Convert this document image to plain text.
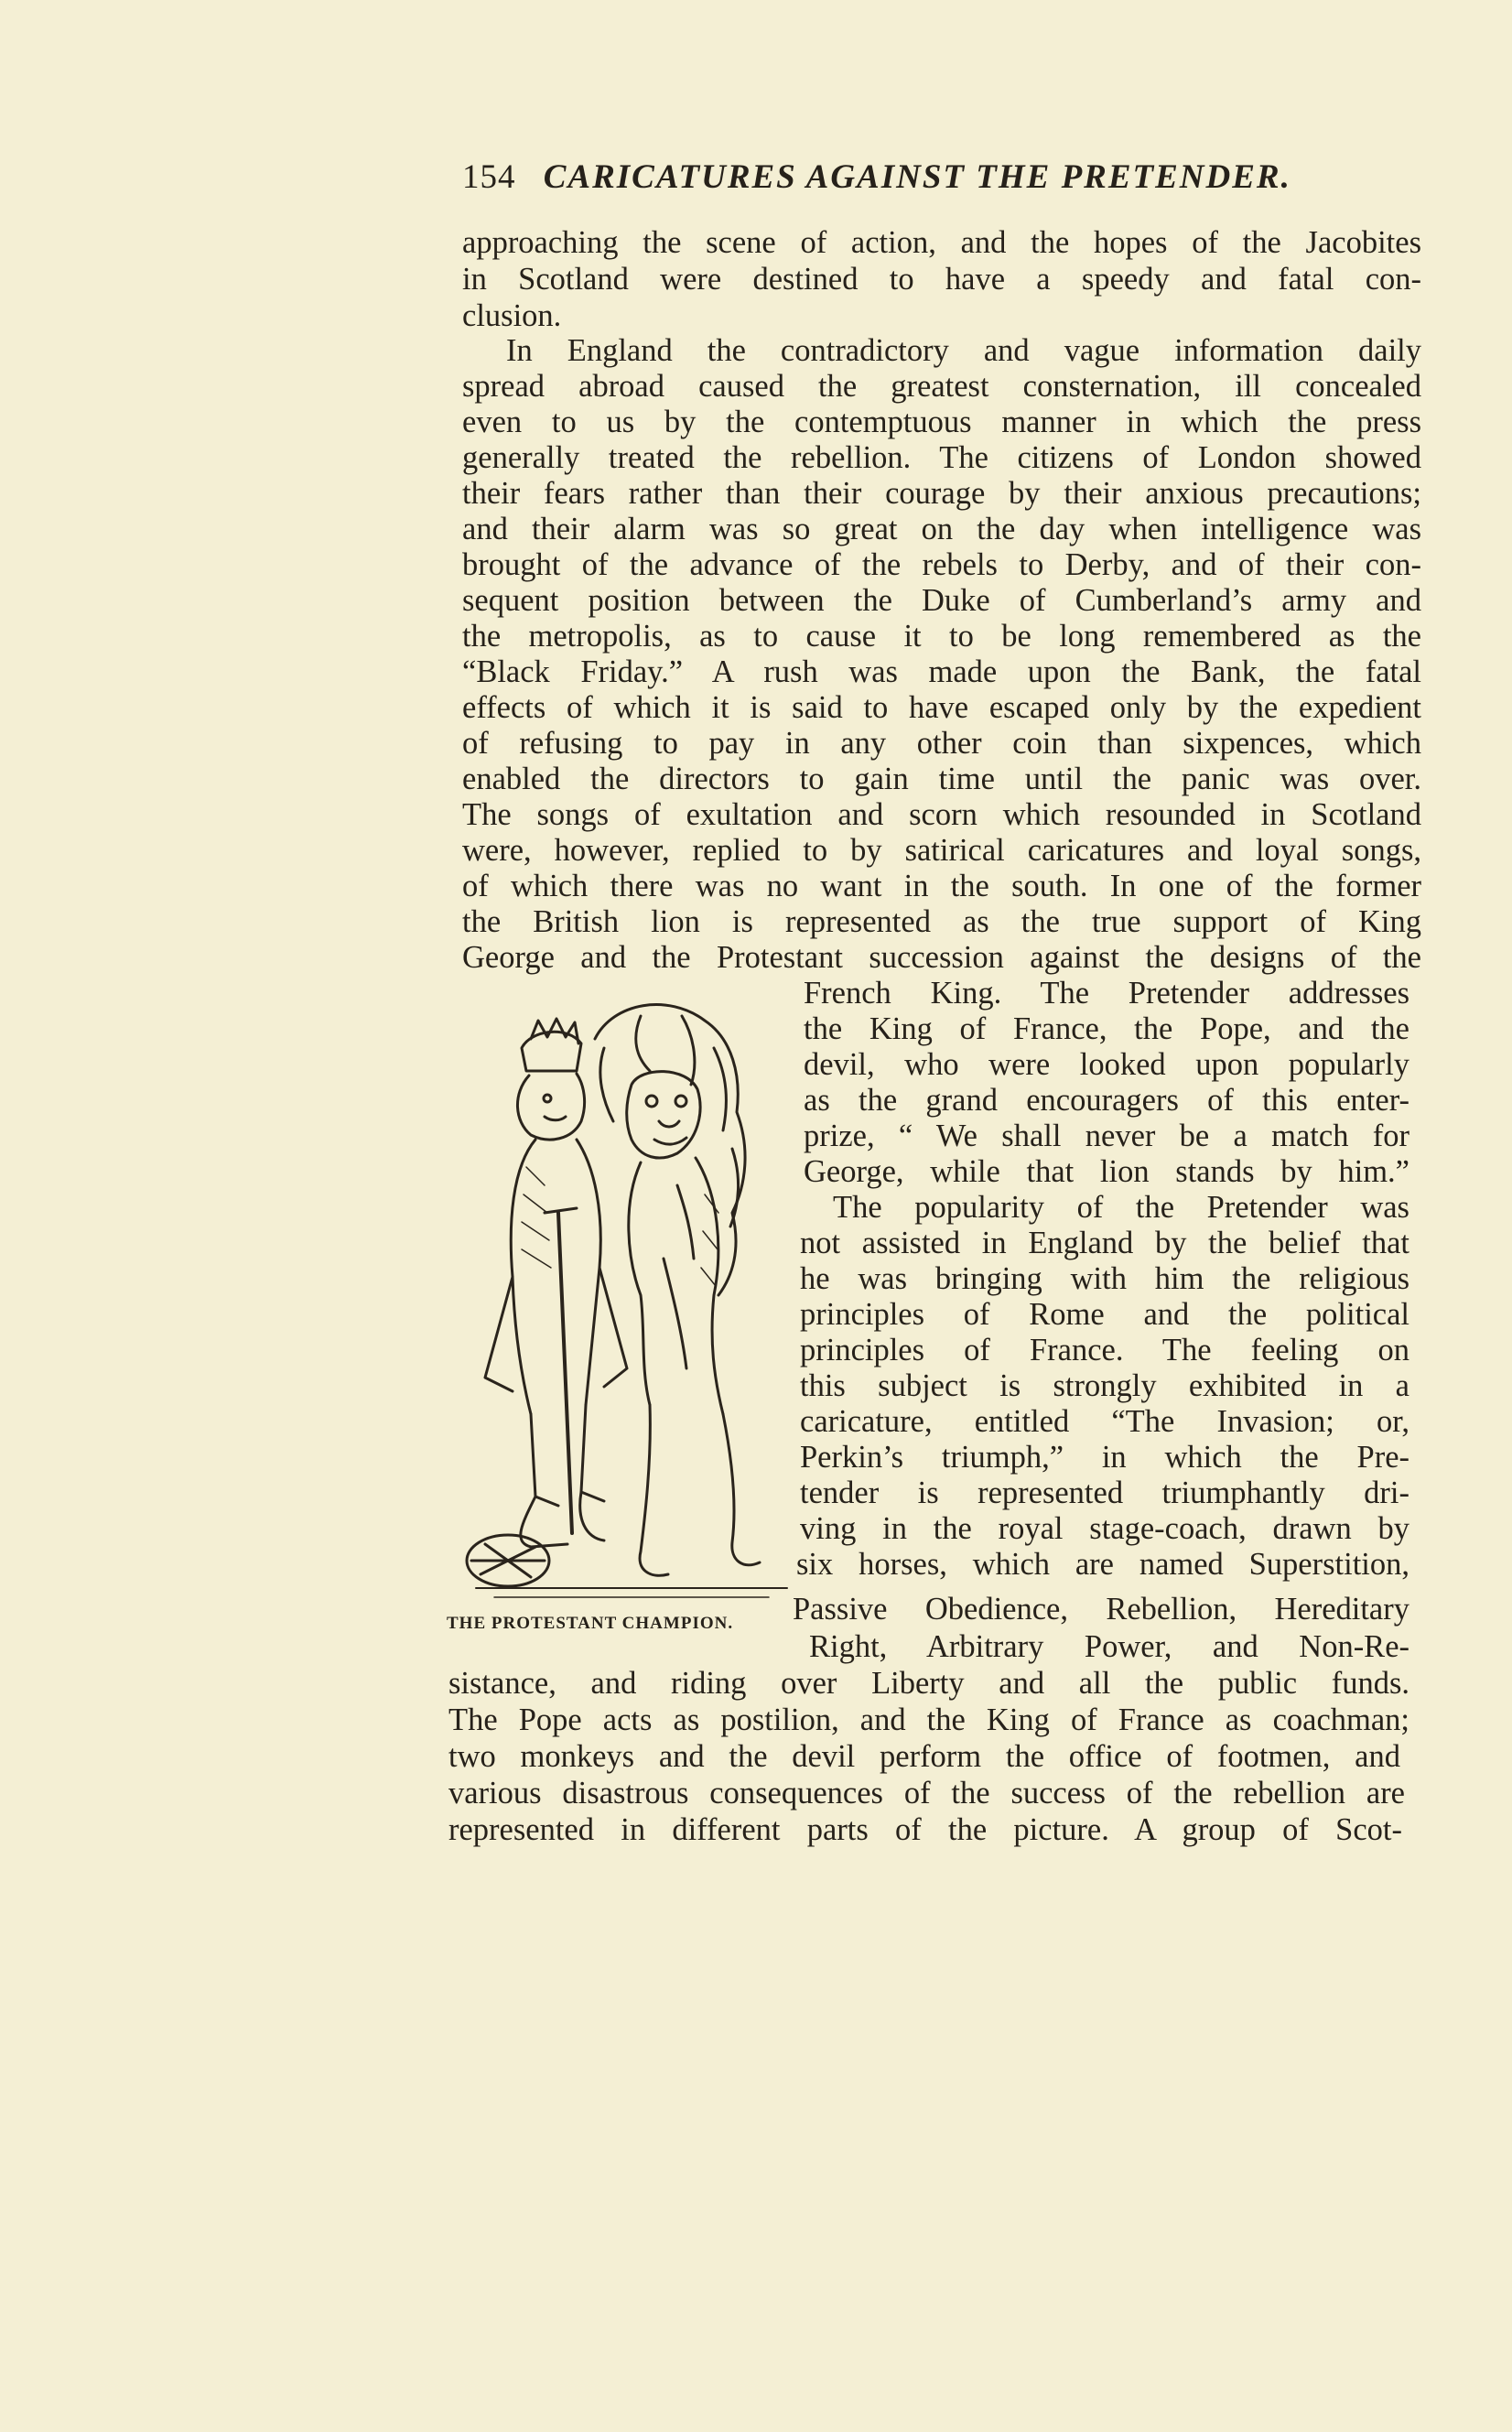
154 CARICATURES AGAINST THE PRETENDER.
approaching the scene of action, and the hopes of the Jacobites
in Scotland were destined to have a speedy and fatal con-
clusion.
In England the contradictory and vague information daily
spread abroad caused the greatest consternation, ill concealed
even to us by the contemptuous manner in which the press
generally treated the rebellion. The citizens of London showed
their fears rather than their courage by their anxious precautions;
and their alarm was so great on the day when intelligence was
brought of the advance of the rebels to Derby, and of their con-
sequent position between the Duke of Cumberland’s army and
the metropolis, as to cause it to be long remembered as the
“Black Friday.” A rush was made upon the Bank, the fatal
effects of which it is said to have escaped only by the expedient
of refusing to pay in any other coin than sixpences, which
enabled the directors to gain time until the panic was over.
The songs of exultation and scorn which resounded in Scotland
were, however, replied to by satirical caricatures and loyal songs,
of which there was no want in the south. In one of the former
the British lion is represented as the true support of King
George and the Protestant succession against the designs of the
French King. The Pretender addresses
the King of France, the Pope, and the
devil, who were looked upon popularly
as the grand encouragers of this enter-
prize, “ We shall never be a match for
George, while that lion stands by him.”
The popularity of the Pretender was
not assisted in England by the belief that
he was bringing with him the religious
principles of Rome and the political
principles of France. The feeling on
this subject is strongly exhibited in a
caricature, entitled “The Invasion; or,
Perkin’s triumph,” in which the Pre-
tender is represented triumphantly dri-
ving in the royal stage-coach, drawn by
six horses, which are named Superstition,
Passive Obedience, Rebellion, Hereditary
Right, Arbitrary Power, and Non-Re-
THE PROTESTANT CHAMPION.
sistance, and riding over Liberty and all the public funds.
The Pope acts as postilion, and the King of France as coachman;
two monkeys and the devil perform the office of footmen, and
various disastrous consequences of the success of the rebellion are
represented in different parts of the picture. A group of Scot-
